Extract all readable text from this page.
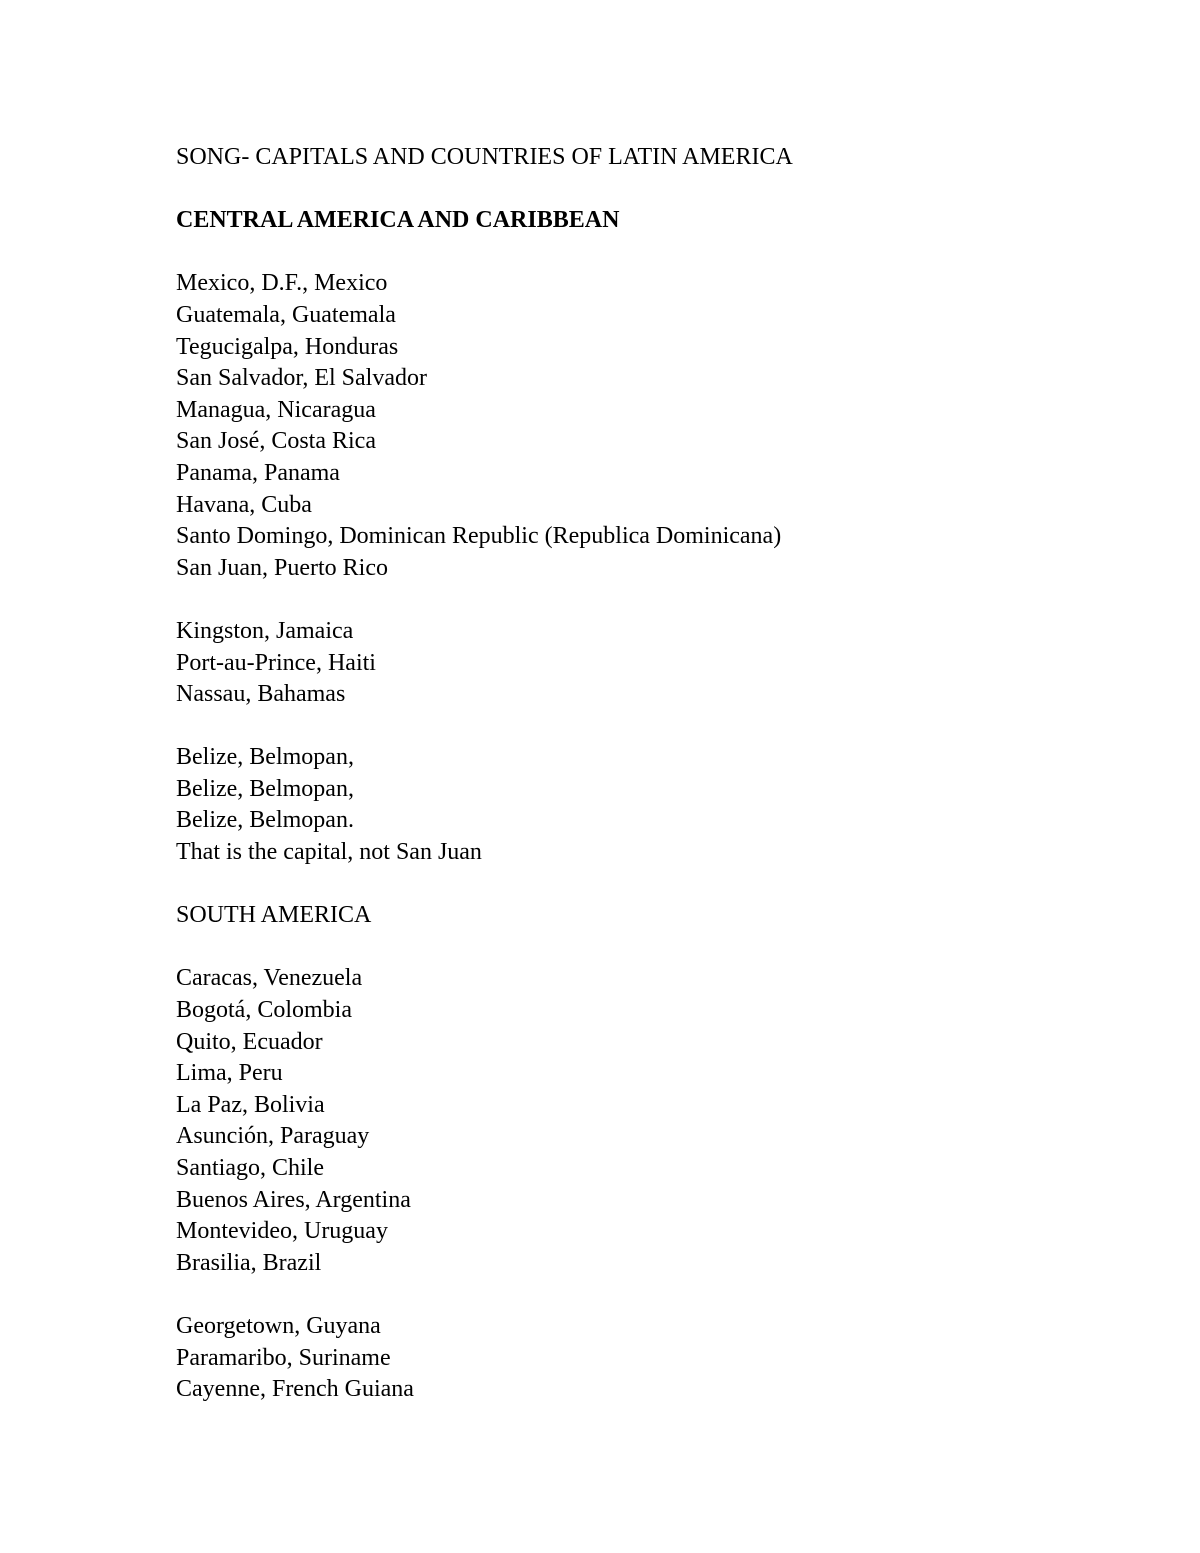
SONG- CAPITALS AND COUNTRIES OF LATIN AMERICA
CENTRAL AMERICA AND CARIBBEAN
Mexico, D.F., Mexico
Guatemala, Guatemala
Tegucigalpa, Honduras
San Salvador, El Salvador
Managua, Nicaragua
San José, Costa Rica
Panama, Panama
Havana, Cuba
Santo Domingo, Dominican Republic (Republica Dominicana)
San Juan, Puerto Rico
Kingston, Jamaica
Port-au-Prince, Haiti
Nassau, Bahamas
Belize, Belmopan,
Belize, Belmopan,
Belize, Belmopan.
That is the capital, not San Juan
SOUTH AMERICA
Caracas, Venezuela
Bogotá, Colombia
Quito, Ecuador
Lima, Peru
La Paz, Bolivia
Asunción, Paraguay
Santiago, Chile
Buenos Aires, Argentina
Montevideo, Uruguay
Brasilia, Brazil
Georgetown, Guyana
Paramaribo, Suriname
Cayenne, French Guiana
